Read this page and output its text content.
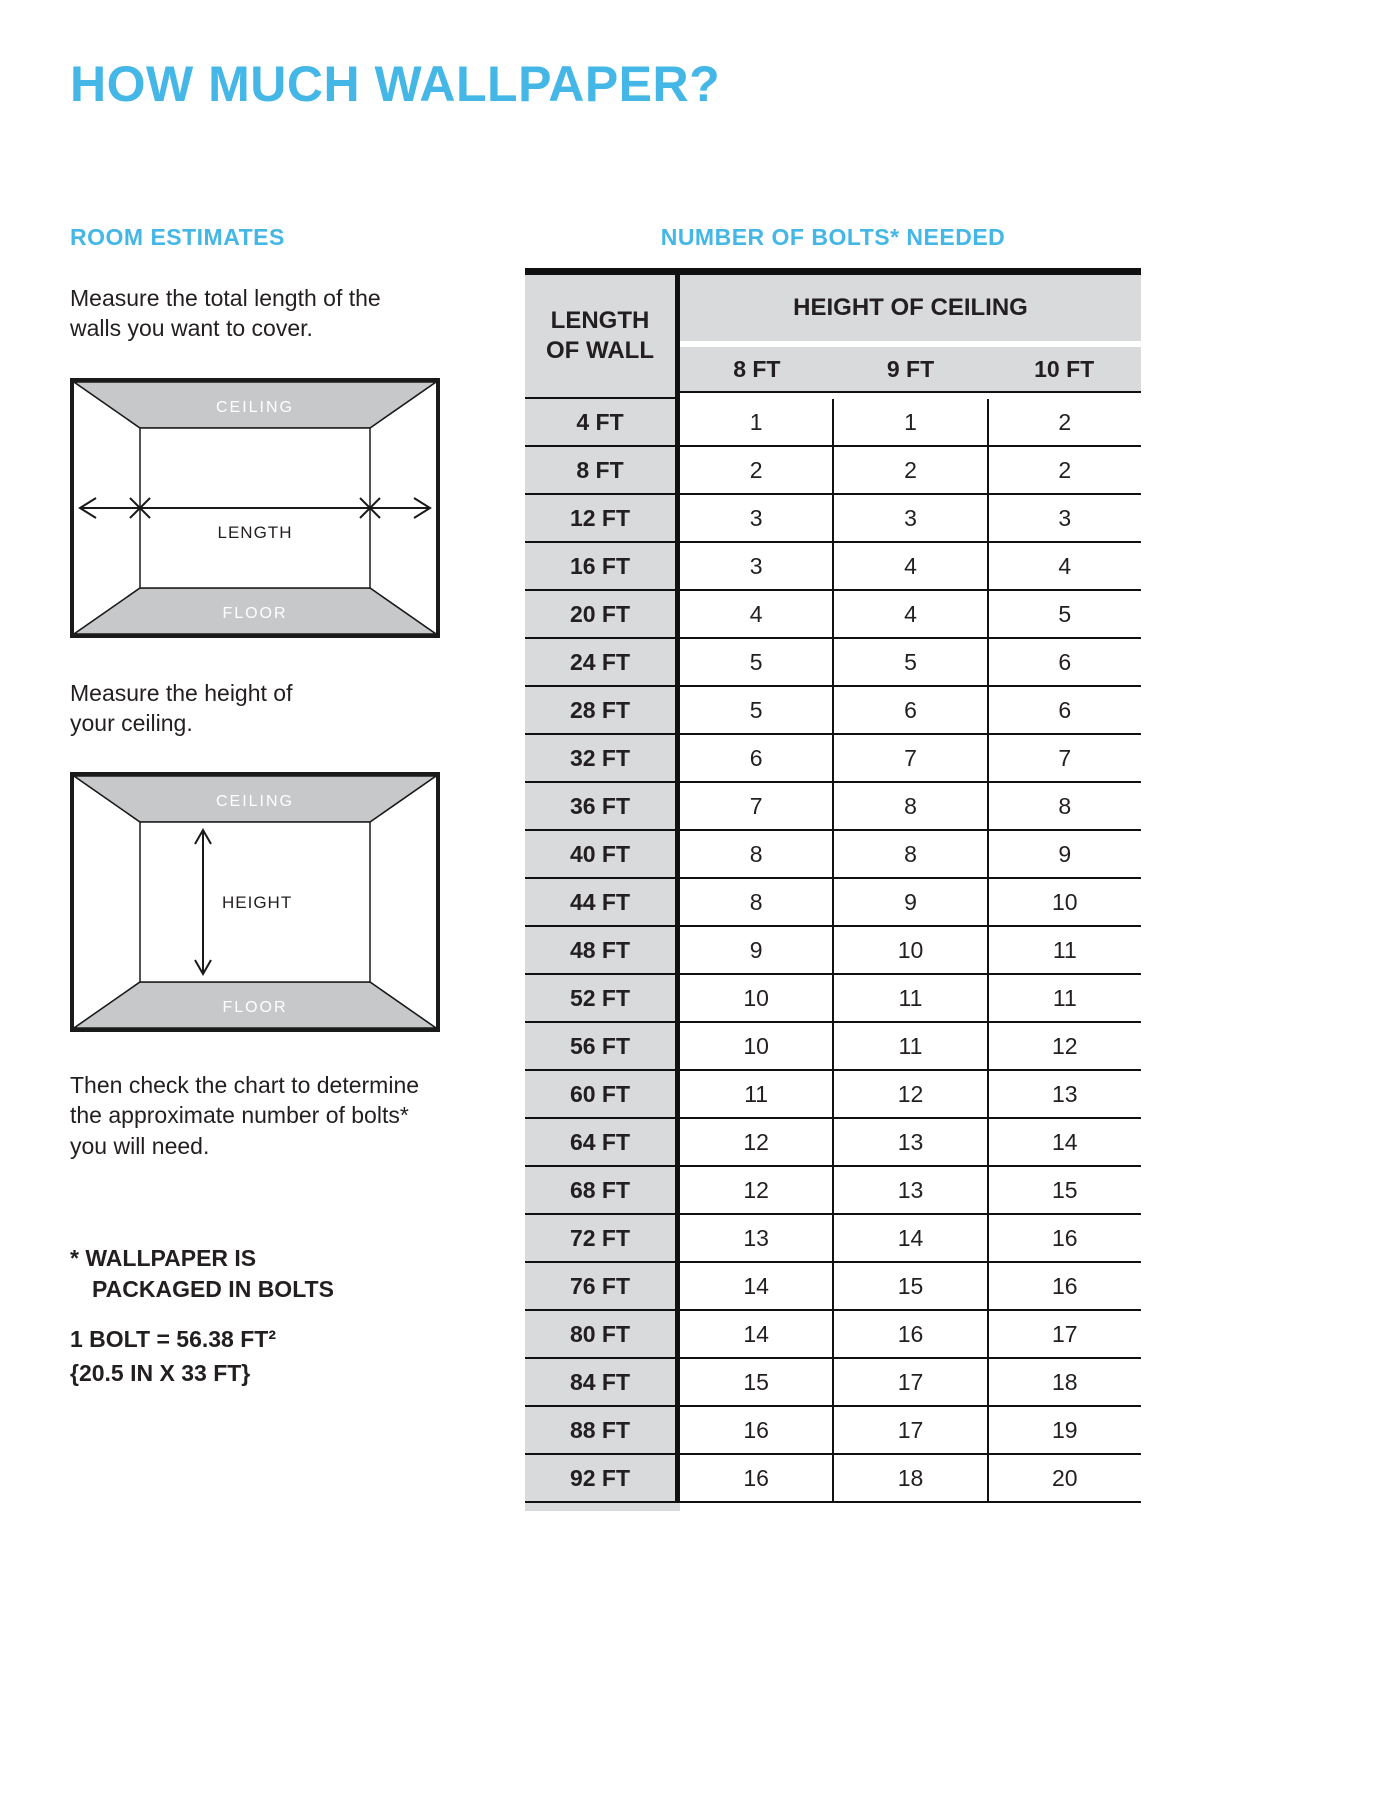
HOW MUCH WALLPAPER?
ROOM ESTIMATES	NUMBER OF BOLTS* NEEDED
Measure the total length of the walls you want to cover.
CEILING
FLOOR
LENGTH
Measure the height of your ceiling.
CEILING
FLOOR
HEIGHT
Then check the chart to determine the approximate number of bolts* you will need.
* WALLPAPER IS
PACKAGED IN BOLTS
1 BOLT = 56.38 FT²
{20.5 IN X 33 FT}
LENGTH
OF WALL
HEIGHT OF CEILING
8 FT	9 FT	10 FT
4 FT	1	1	2
8 FT	2	2	2
12 FT	3	3	3
16 FT	3	4	4
20 FT	4	4	5
24 FT	5	5	6
28 FT	5	6	6
32 FT	6	7	7
36 FT	7	8	8
40 FT	8	8	9
44 FT	8	9	10
48 FT	9	10	11
52 FT	10	11	11
56 FT	10	11	12
60 FT	11	12	13
64 FT	12	13	14
68 FT	12	13	15
72 FT	13	14	16
76 FT	14	15	16
80 FT	14	16	17
84 FT	15	17	18
88 FT	16	17	19
92 FT	16	18	20
